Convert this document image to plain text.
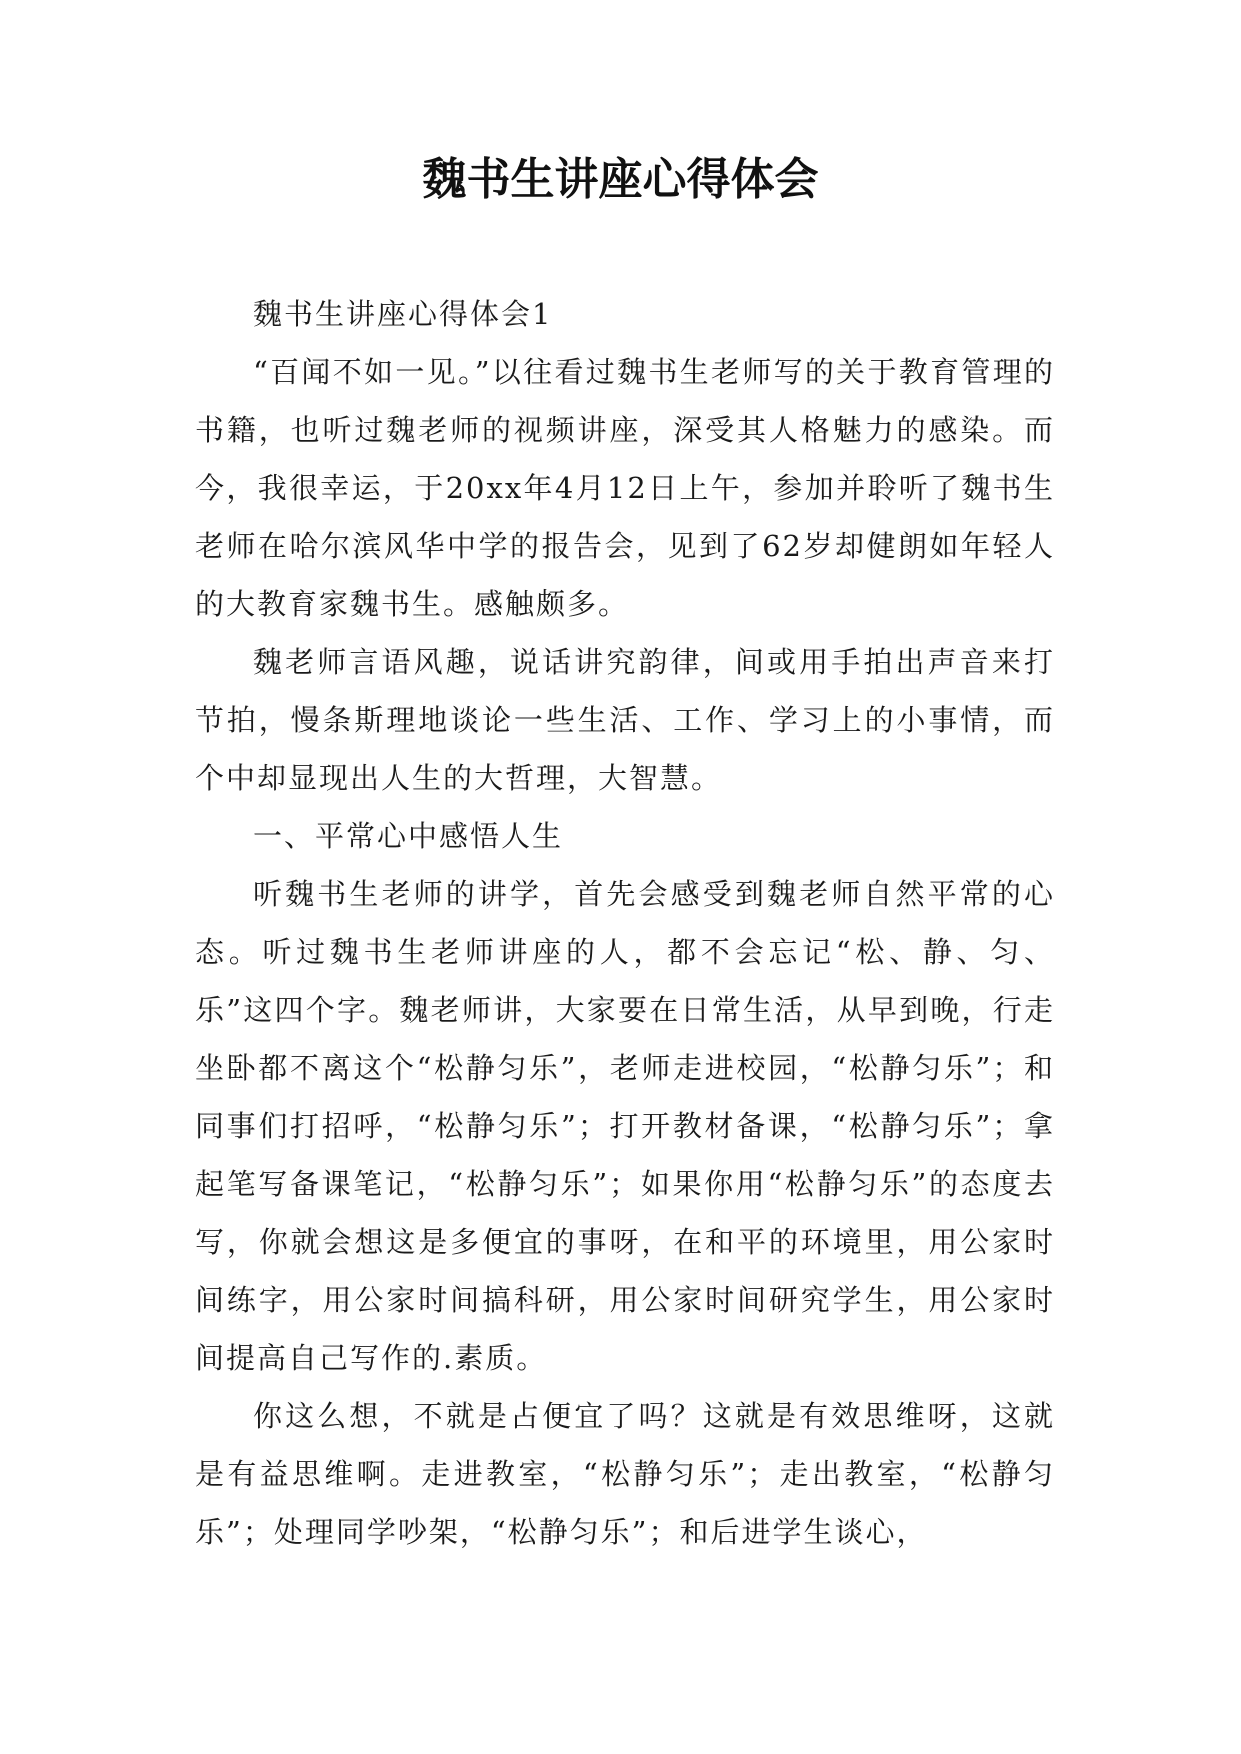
魏书生讲座心得体会

魏书生讲座心得体会1

“百闻不如一见。”以往看过魏书生老师写的关于教育管理的书籍，也听过魏老师的视频讲座，深受其人格魅力的感染。而今，我很幸运，于20xx年4月12日上午，参加并聆听了魏书生老师在哈尔滨风华中学的报告会，见到了62岁却健朗如年轻人的大教育家魏书生。感触颇多。

魏老师言语风趣，说话讲究韵律，间或用手拍出声音来打节拍，慢条斯理地谈论一些生活、工作、学习上的小事情，而个中却显现出人生的大哲理，大智慧。

一、平常心中感悟人生

听魏书生老师的讲学，首先会感受到魏老师自然平常的心态。听过魏书生老师讲座的人，都不会忘记“松、静、匀、乐”这四个字。魏老师讲，大家要在日常生活，从早到晚，行走坐卧都不离这个“松静匀乐”，老师走进校园，“松静匀乐”；和同事们打招呼，“松静匀乐”；打开教材备课，“松静匀乐”；拿起笔写备课笔记，“松静匀乐”；如果你用“松静匀乐”的态度去写，你就会想这是多便宜的事呀，在和平的环境里，用公家时间练字，用公家时间搞科研，用公家时间研究学生，用公家时间提高自己写作的.素质。

你这么想，不就是占便宜了吗？这就是有效思维呀，这就是有益思维啊。走进教室，“松静匀乐”；走出教室，“松静匀乐”；处理同学吵架，“松静匀乐”；和后进学生谈心，
